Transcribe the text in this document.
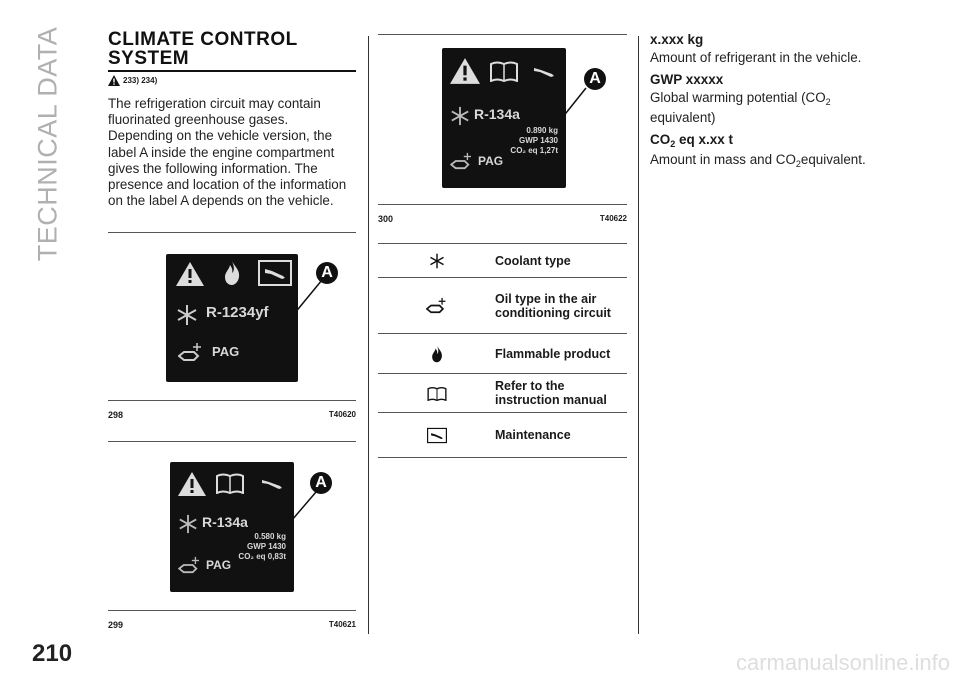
TECHNICAL DATA CLIMATE CONTROL
SYSTEM
233) 234)
The refrigeration circuit may contain fluorinated greenhouse gases. Depending on the vehicle version, the label A inside the engine compartment gives the following information. The presence and location of the information on the label A depends on the vehicle.
R-1234yf
PAG
A
298	T40620
R-134a
0.580 kg
GWP 1430
CO₂ eq 0,83t
PAG
A
299	T40621
R-134a
0.890 kg
GWP 1430
CO₂ eq 1,27t
PAG
A
300	T40622
Coolant type
Oil type in the air conditioning circuit
Flammable product
Refer to the instruction manual
Maintenance
x.xxx kg
Amount of refrigerant in the vehicle.
GWP xxxxx
Global warming potential ($CO_2$
equivalent)
$CO_2$ eq x.xx t
Amount in mass and $CO_2equivalent$.
210	carmanualsonline.info
